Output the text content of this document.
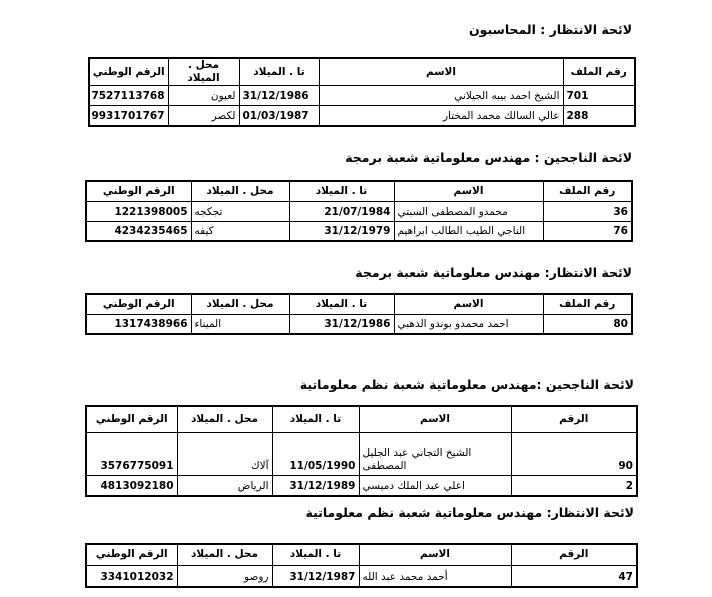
لائحة الانتظار : المحاسبون
رقم الملف	الاسم	تا . الميلاد	محل . الميلاد	الرقم الوطني
701	الشيخ احمد بيبه الجيلاني	31/12/1986	لعيون	7527113768
288	عالي السالك محمد المختار	01/03/1987	لكصر	9931701767
لائحة الناجحين : مهندس معلوماتية شعبة برمجة
رقم الملف	الاسم	تا . الميلاد	محل . الميلاد	الرقم الوطني
36	محمدو المصطفى السبتي	21/07/1984	تجكجه	1221398005
76	الناجي الطيب الطالب ابراهيم	31/12/1979	كيفه	4234235465
لائحة الانتظار: مهندس معلوماتية شعبة برمجة
رقم الملف	الاسم	تا . الميلاد	محل . الميلاد	الرقم الوطني
80	احمد محمدو بوندو الذهبي	31/12/1986	الميناء	1317438966
لائحة الناجحين :مهندس معلوماتية شعبة نظم معلوماتية
الرقم	الاسم	تا . الميلاد	محل . الميلاد	الرقم الوطني
90	الشيخ التجاني عبد الجليل المصطفى	11/05/1990	آلاك	3576775091
2	اعلي عبد الملك دميسي	31/12/1989	الرياض	4813092180
لائحة الانتظار: مهندس معلوماتية شعبة نظم معلوماتية
الرقم	الاسم	تا . الميلاد	محل . الميلاد	الرقم الوطني
47	أحمد محمد عبد الله	31/12/1987	روصو	3341012032
